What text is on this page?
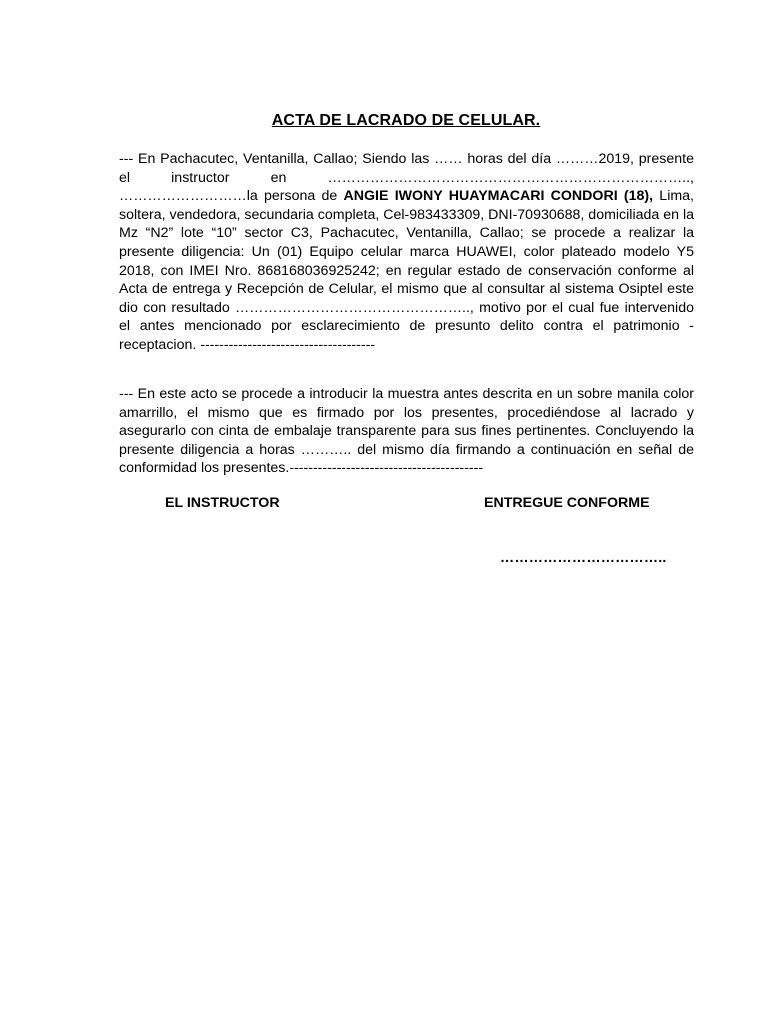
ACTA DE LACRADO DE CELULAR.
--- En Pachacutec, Ventanilla, Callao; Siendo las …… horas del día ………2019, presente el instructor en ………………………………………………………………….., ………………………la persona de ANGIE IWONY HUAYMACARI CONDORI (18), Lima, soltera, vendedora, secundaria completa, Cel-983433309, DNI-70930688, domiciliada en la Mz “N2” lote “10” sector C3, Pachacutec, Ventanilla, Callao; se procede a realizar la presente diligencia: Un (01) Equipo celular marca HUAWEI, color plateado modelo Y5 2018, con IMEI Nro. 868168036925242; en regular estado de conservación conforme al Acta de entrega y Recepción de Celular, el mismo que al consultar al sistema Osiptel este dio con resultado ………………………………………….., motivo por el cual fue intervenido el antes mencionado por esclarecimiento de presunto delito contra el patrimonio - receptacion. -------------------------------------
--- En este acto se procede a introducir la muestra antes descrita en un sobre manila color amarrillo, el mismo que es firmado por los presentes, procediéndose al lacrado y asegurarlo con cinta de embalaje transparente para sus fines pertinentes. Concluyendo la presente diligencia a horas ……….. del mismo día firmando a continuación en señal de conformidad los presentes.-----------------------------------------
EL INSTRUCTOR	ENTREGUE CONFORME
……………………………..
